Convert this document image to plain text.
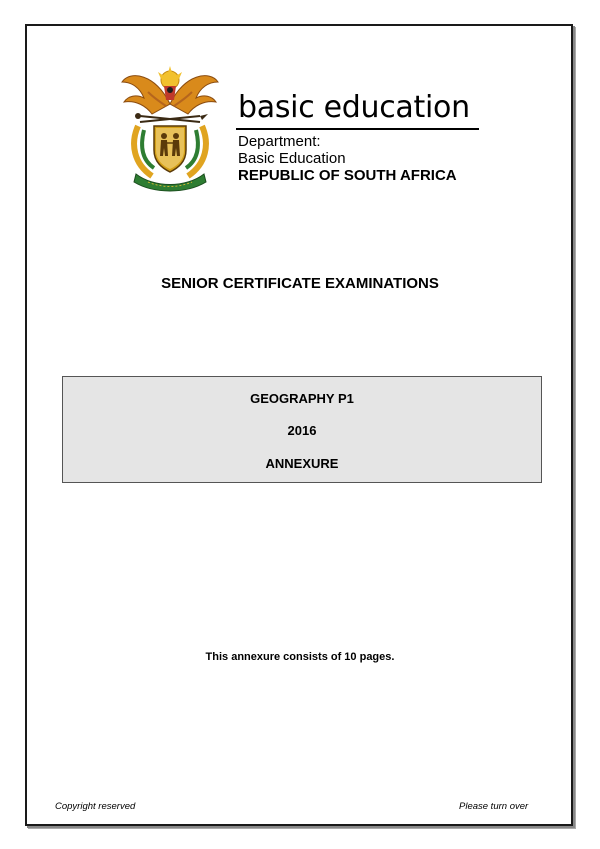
basic education
Department:
Basic Education
REPUBLIC OF SOUTH AFRICA
SENIOR CERTIFICATE EXAMINATIONS
GEOGRAPHY P1
2016
ANNEXURE
This annexure consists of 10 pages.
Copyright reserved	Please turn over
